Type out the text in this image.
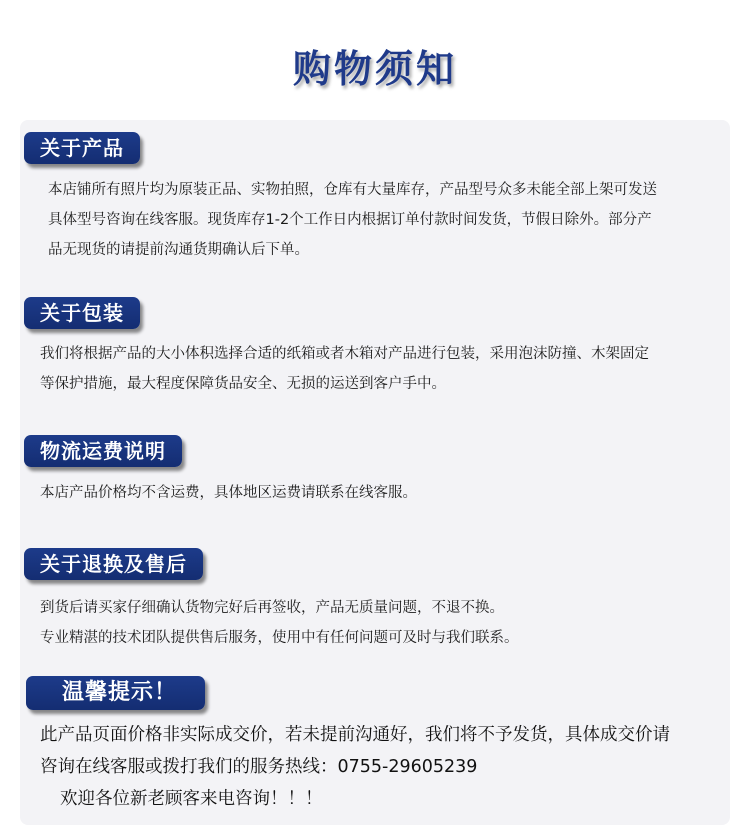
购物须知
关于产品
本店铺所有照片均为原装正品、实物拍照，仓库有大量库存，产品型号众多未能全部上架可发送
具体型号咨询在线客服。现货库存1-2个工作日内根据订单付款时间发货，节假日除外。部分产
品无现货的请提前沟通货期确认后下单。
关于包装
我们将根据产品的大小体积选择合适的纸箱或者木箱对产品进行包装，采用泡沫防撞、木架固定
等保护措施，最大程度保障货品安全、无损的运送到客户手中。
物流运费说明
本店产品价格均不含运费，具体地区运费请联系在线客服。
关于退换及售后
到货后请买家仔细确认货物完好后再签收，产品无质量问题，不退不换。
专业精湛的技术团队提供售后服务，使用中有任何问题可及时与我们联系。
温馨提示！
此产品页面价格非实际成交价，若未提前沟通好，我们将不予发货，具体成交价请
咨询在线客服或拨打我们的服务热线：0755-29605239
欢迎各位新老顾客来电咨询！！！
